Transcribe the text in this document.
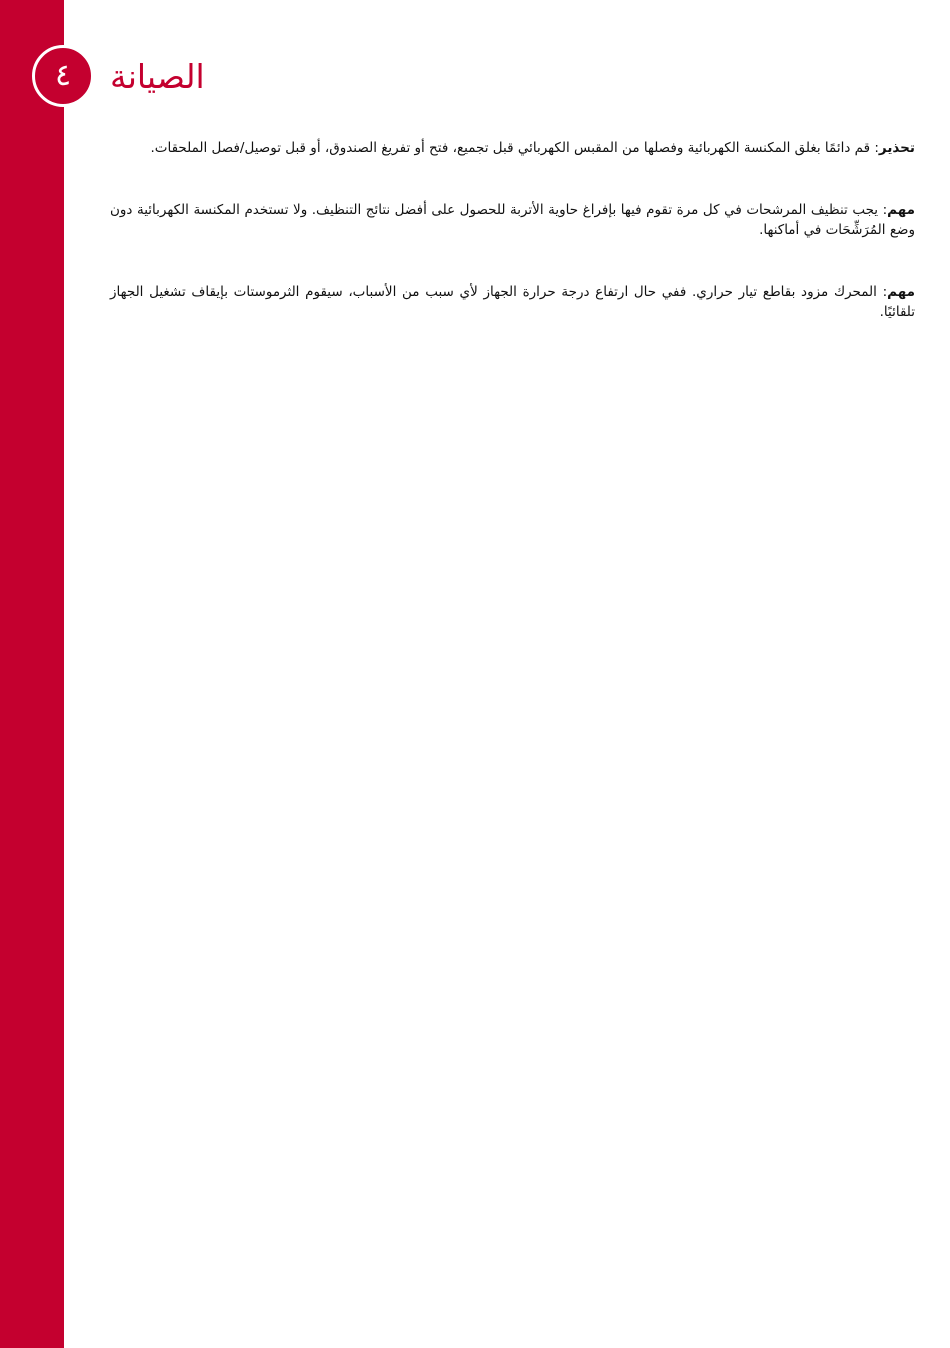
٤	الصيانة

تحذير: قم دائمًا بغلق المكنسة الكهربائية وفصلها من المقبس الكهربائي قبل تجميع، فتح أو تفريغ الصندوق، أو قبل توصيل/فصل الملحقات.

مهم: يجب تنظيف المرشحات في كل مرة تقوم فيها بإفراغ حاوية الأتربة للحصول على أفضل نتائج التنظيف. ولا تستخدم المكنسة الكهربائية دون وضع المُرَشِّحَات في أماكنها.

مهم: المحرك مزود بقاطع تيار حراري. ففي حال ارتفاع درجة حرارة الجهاز لأي سبب من الأسباب، سيقوم الثرموستات بإيقاف تشغيل الجهاز تلقائيًا.
